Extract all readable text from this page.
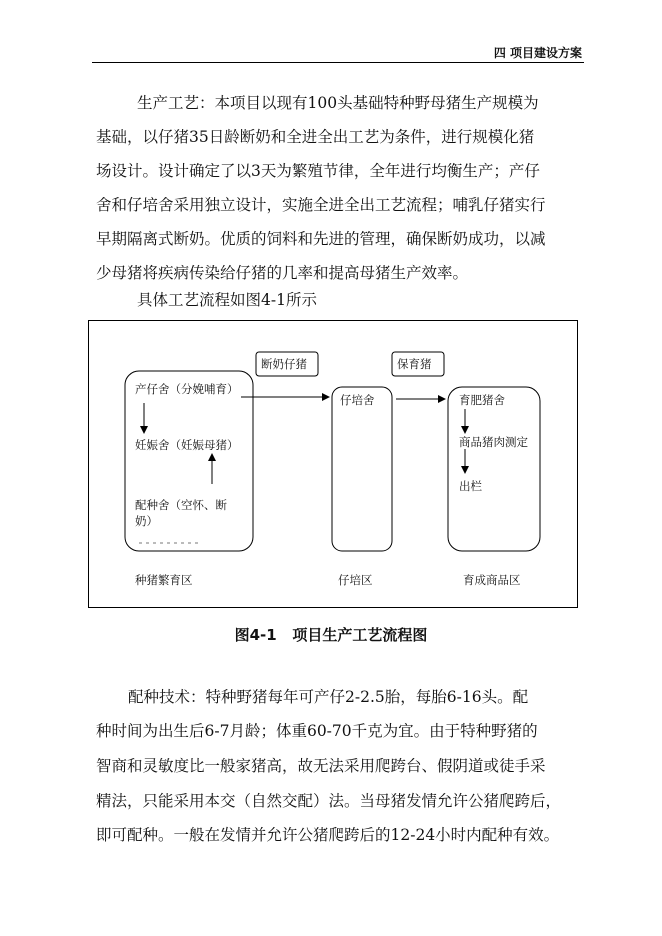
四 项目建设方案
生产工艺：本项目以现有100头基础特种野母猪生产规模为
基础，以仔猪35日龄断奶和全进全出工艺为条件，进行规模化猪
场设计。设计确定了以3天为繁殖节律，全年进行均衡生产；产仔
舍和仔培舍采用独立设计，实施全进全出工艺流程；哺乳仔猪实行
早期隔离式断奶。优质的饲料和先进的管理，确保断奶成功，以减
少母猪将疾病传染给仔猪的几率和提高母猪生产效率。
具体工艺流程如图4-1所示
断奶仔猪	保育猪
产仔舍（分娩哺育）
妊娠舍（妊娠母猪）
配种舍（空怀、断
奶）
种猪繁育区
仔培舍
仔培区
育肥猪舍
商品猪肉测定
出栏
育成商品区
图4-1 项目生产工艺流程图
配种技术：特种野猪每年可产仔2-2.5胎，每胎6-16头。配
种时间为出生后6-7月龄；体重60-70千克为宜。由于特种野猪的
智商和灵敏度比一般家猪高，故无法采用爬跨台、假阴道或徒手采
精法，只能采用本交（自然交配）法。当母猪发情允许公猪爬跨后，
即可配种。一般在发情并允许公猪爬跨后的12-24小时内配种有效。
